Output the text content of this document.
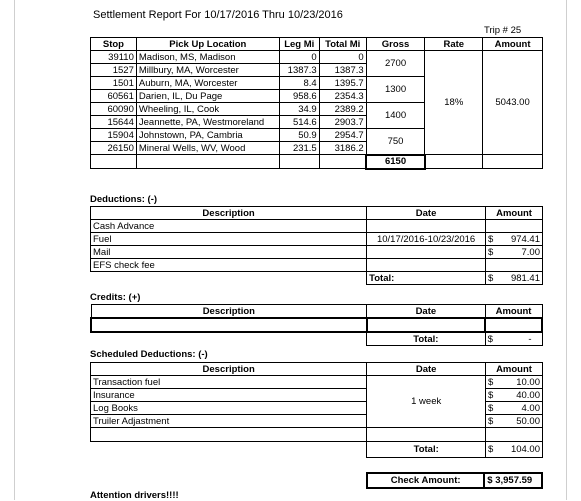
Settlement Report For 10/17/2016 Thru 10/23/2016
Trip # 25
Stop	Pick Up Location	Leg Mi	Total Mi	Gross	Rate	Amount
39110	Madison, MS, Madison	0	0	2700	18%	5043.00
1527	Millbury, MA, Worcester	1387.3	1387.3			
1501	Auburn, MA, Worcester	8.4	1395.7	1300		
60561	Darien, IL, Du Page	958.6	2354.3			
60090	Wheeling, IL, Cook	34.9	2389.2	1400		
15644	Jeannette, PA, Westmoreland	514.6	2903.7			
15904	Johnstown, PA, Cambria	50.9	2954.7	750		
26150	Mineral Wells, WV, Wood	231.5	3186.2			
				6150		
Deductions: (-)
Description	Date	Amount
Cash Advance		

Fuel	10/17/2016-10/23/2016	$ 974.41

Mail		$ 7.00

EFS check fee		

	Total:	$ 981.41
Credits: (+)
Description	Date	Amount

	Total:	$ -
Scheduled Deductions: (-)
Description	Date	Amount
Transaction fuel	1 week	$ 10.00

Insurance		$ 40.00

Log Books		$ 4.00

Truiler Adjastment		$ 50.00

	Total:	$ 104.00
Check Amount:	$ 3,957.59
Attention drivers!!!!
